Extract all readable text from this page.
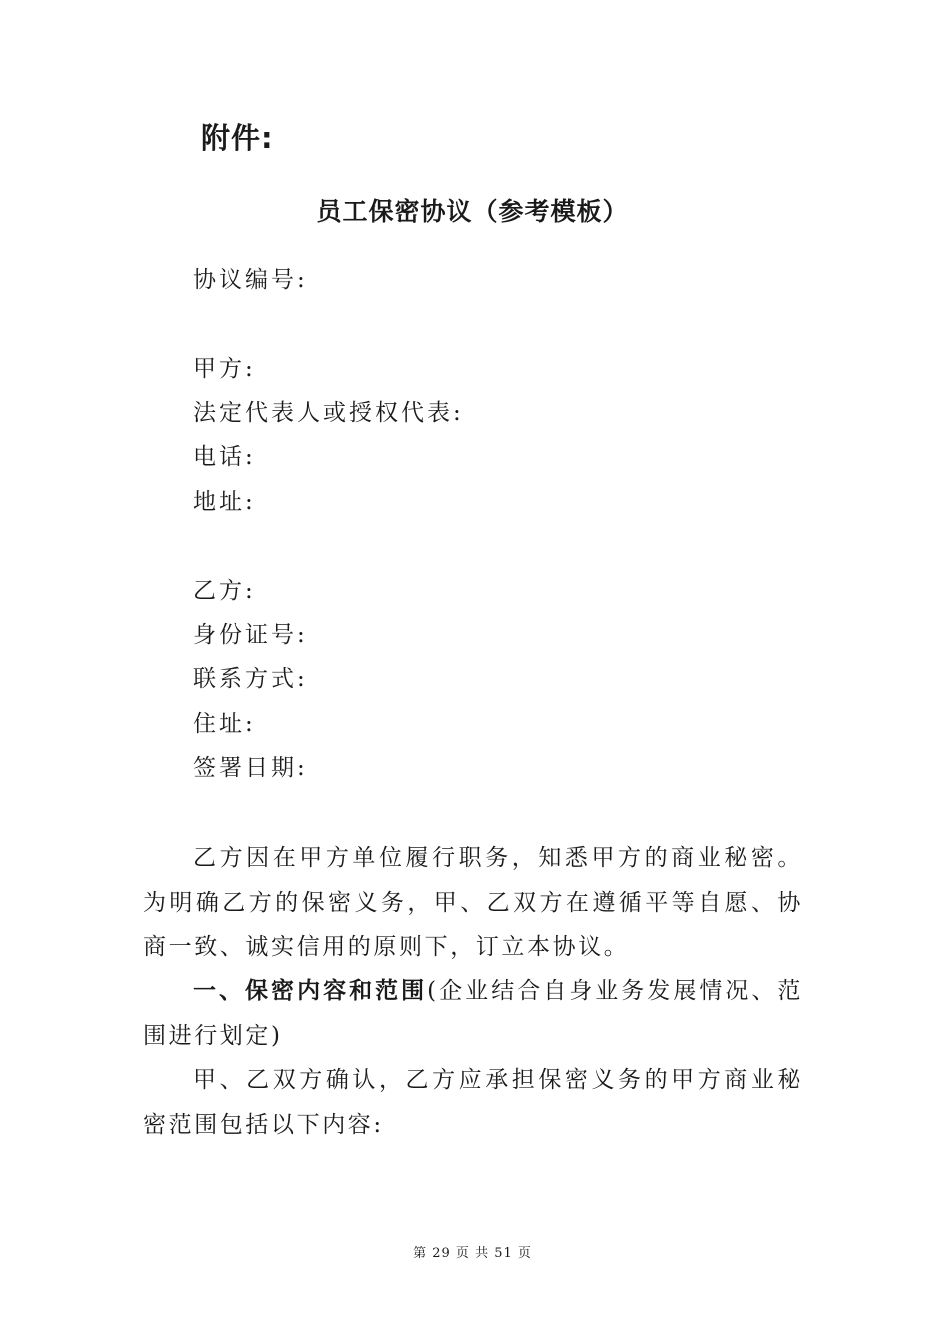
附件:
员工保密协议（参考模板）
协议编号:
甲方:
法定代表人或授权代表:
电话:
地址:
乙方:
身份证号:
联系方式:
住址:
签署日期:
乙方因在甲方单位履行职务，知悉甲方的商业秘密。为明确乙方的保密义务，甲、乙双方在遵循平等自愿、协商一致、诚实信用的原则下，订立本协议。
一、保密内容和范围(企业结合自身业务发展情况、范围进行划定)
甲、乙双方确认，乙方应承担保密义务的甲方商业秘密范围包括以下内容:
第 29 页 共 51 页
